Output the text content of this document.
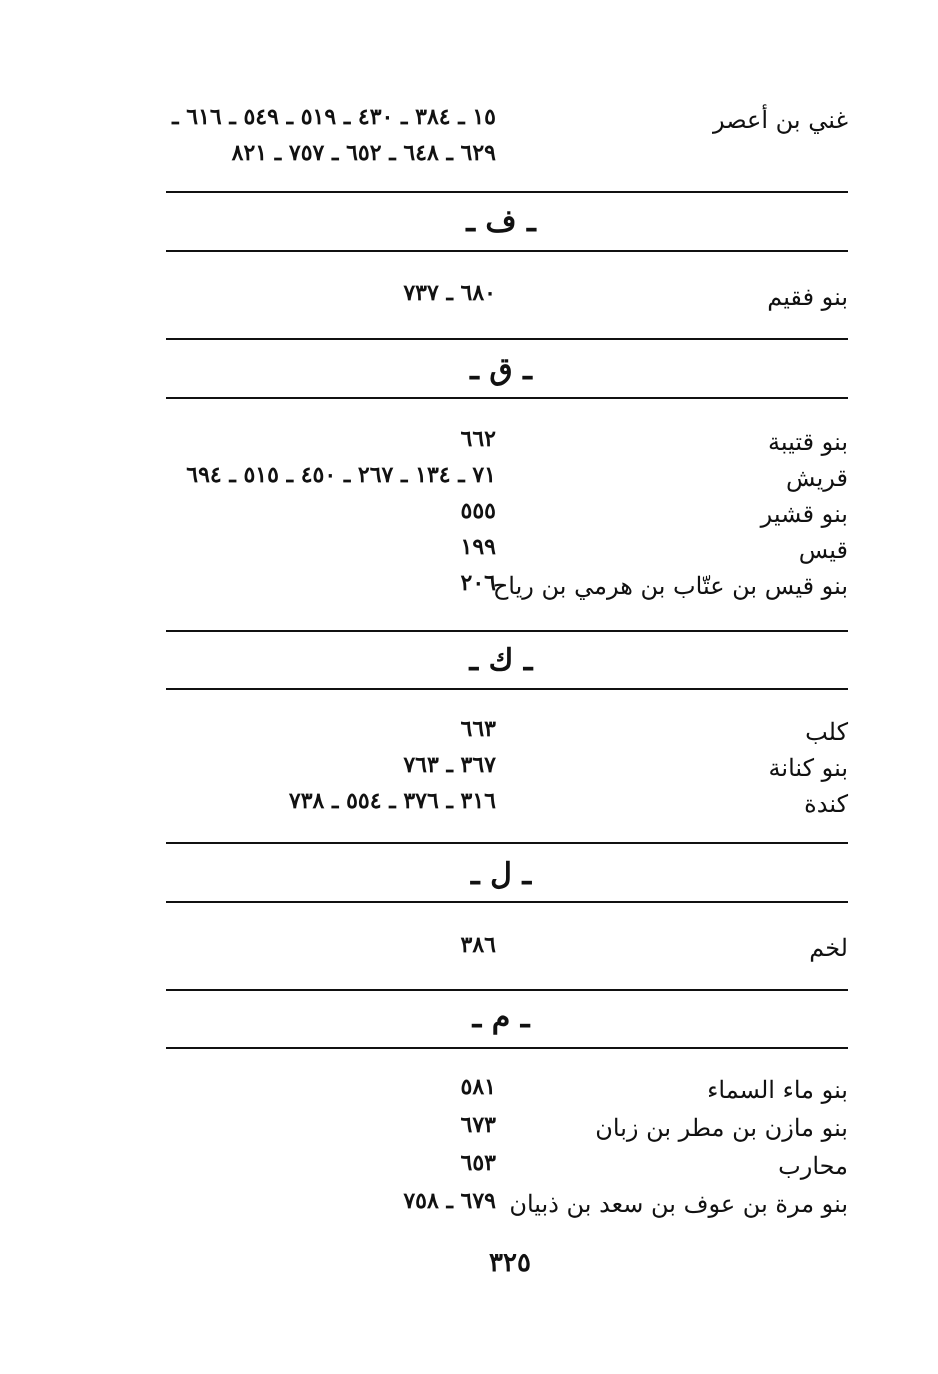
غني بن أعصر
١٥ ـ ٣٨٤ ـ ٤٣٠ ـ ٥١٩ ـ ٥٤٩ ـ ٦١٦ ـ
٦٢٩ ـ ٦٤٨ ـ ٦٥٢ ـ ٧٥٧ ـ ٨٢١
ـ ف ـ
بنو فقيم
٦٨٠ ـ ٧٣٧
ـ ق ـ
بنو قتيبة
٦٦٢
قريش
٧١ ـ ١٣٤ ـ ٢٦٧ ـ ٤٥٠ ـ ٥١٥ ـ ٦٩٤
بنو قشير
٥٥٥
قيس
١٩٩
بنو قيس بن عتّاب بن هرمي بن رياح
٢٠٦
ـ ك ـ
كلب
٦٦٣
بنو كنانة
٣٦٧ ـ ٧٦٣
كندة
٣١٦ ـ ٣٧٦ ـ ٥٥٤ ـ ٧٣٨
ـ ل ـ
لخم
٣٨٦
ـ م ـ
بنو ماء السماء
٥٨١
بنو مازن بن مطر بن زبان
٦٧٣
محارب
٦٥٣
بنو مرة بن عوف بن سعد بن ذبيان
٦٧٩ ـ ٧٥٨
٣٢٥
